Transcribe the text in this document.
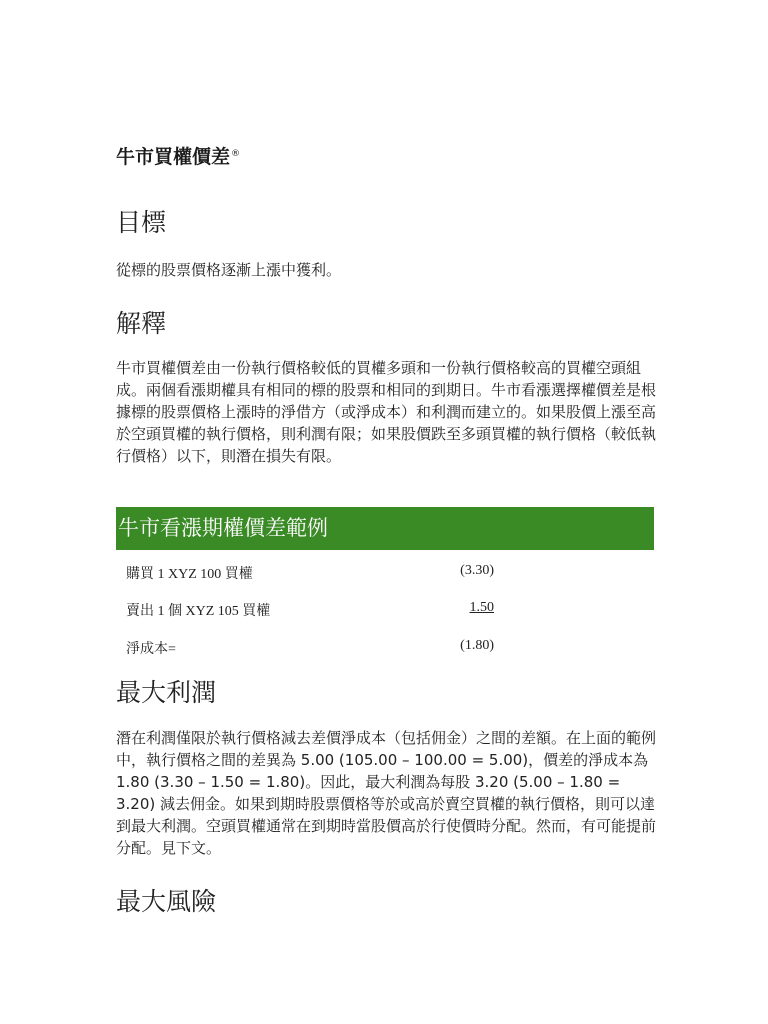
牛市買權價差®
目標

從標的股票價格逐漸上漲中獲利。

解釋

牛市買權價差由一份執行價格較低的買權多頭和一份執行價格較高的買權空頭組成。兩個看漲期權具有相同的標的股票和相同的到期日。牛市看漲選擇權價差是根據標的股票價格上漲時的淨借方（或淨成本）和利潤而建立的。如果股價上漲至高於空頭買權的執行價格，則利潤有限；如果股價跌至多頭買權的執行價格（較低執行價格）以下，則潛在損失有限。

牛市看漲期權價差範例
購買 1 XYZ 100 買權	(3.30)
賣出 1 個 XYZ 105 買權	1.50
淨成本=	(1.80)
最大利潤

潛在利潤僅限於執行價格減去差價淨成本（包括佣金）之間的差額。在上面的範例中，執行價格之間的差異為 5.00 (105.00 – 100.00 = 5.00)，價差的淨成本為 1.80 (3.30 – 1.50 = 1.80)。因此，最大利潤為每股 3.20 (5.00 – 1.80 = 3.20) 減去佣金。如果到期時股票價格等於或高於賣空買權的執行價格，則可以達到最大利潤。空頭買權通常在到期時當股價高於行使價時分配。然而，有可能提前分配。見下文。

最大風險
